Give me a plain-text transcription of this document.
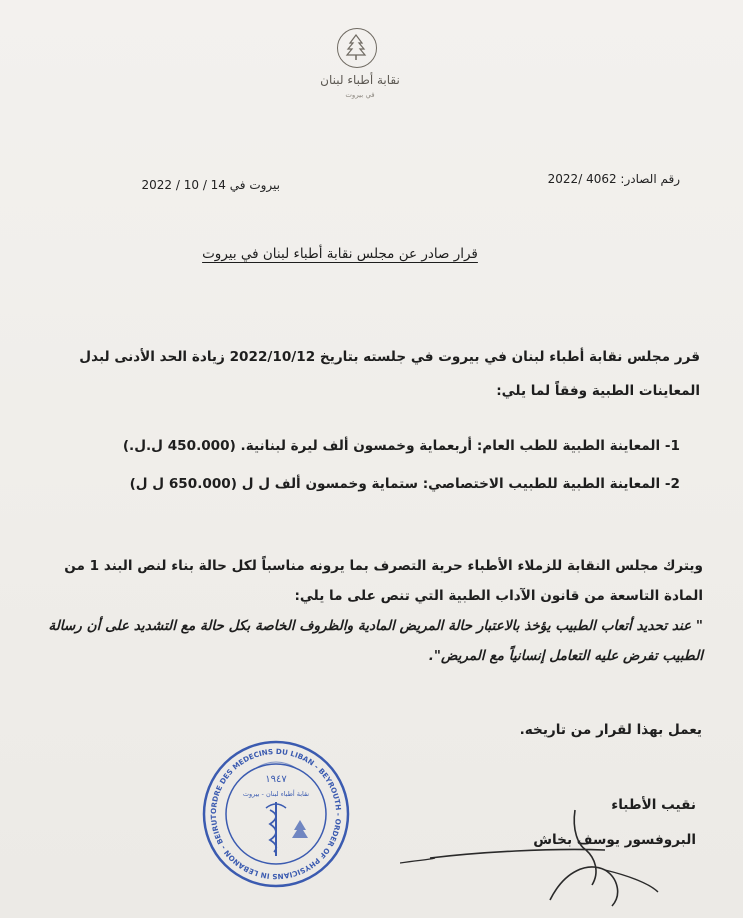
نقابة أطباء لبنان
في بيروت
رقم الصادر: 4062 /2022
بيروت في 14 / 10 / 2022
قرار صادر عن مجلس نقابة أطباء لبنان في بيروت
قرر مجلس نقابة أطباء لبنان في بيروت في جلسته بتاريخ 2022/10/12 زيادة الحد الأدنى لبدل المعاينات الطبية وفقاً لما يلي:
1- المعاينة الطبية للطب العام: أربعماية وخمسون ألف ليرة لبنانية. (450.000 ل.ل.)
2- المعاينة الطبية للطبيب الاختصاصي: ستماية وخمسون ألف ل ل (650.000 ل ل)
ويترك مجلس النقابة للزملاء الأطباء حرية التصرف بما يرونه مناسباً لكل حالة بناء لنص البند 1 من المادة التاسعة من قانون الآداب الطبية التي تنص على ما يلي:
" عند تحديد أتعاب الطبيب يؤخذ بالاعتبار حالة المريض المادية والظروف الخاصة بكل حالة مع التشديد على أن رسالة الطبيب تفرض عليه التعامل إنسانياً مع المريض".
يعمل بهذا لقرار من تاريخه.
ORDRE DES MEDECINS DU LIBAN - BEYROUTH - ORDER OF PHYSICIANS IN LEBANON - BEIRUT
١٩٤٧
نقابة أطباء لبنان - بيروت
نقيب الأطباء
البروفسور يوسف بخاش
